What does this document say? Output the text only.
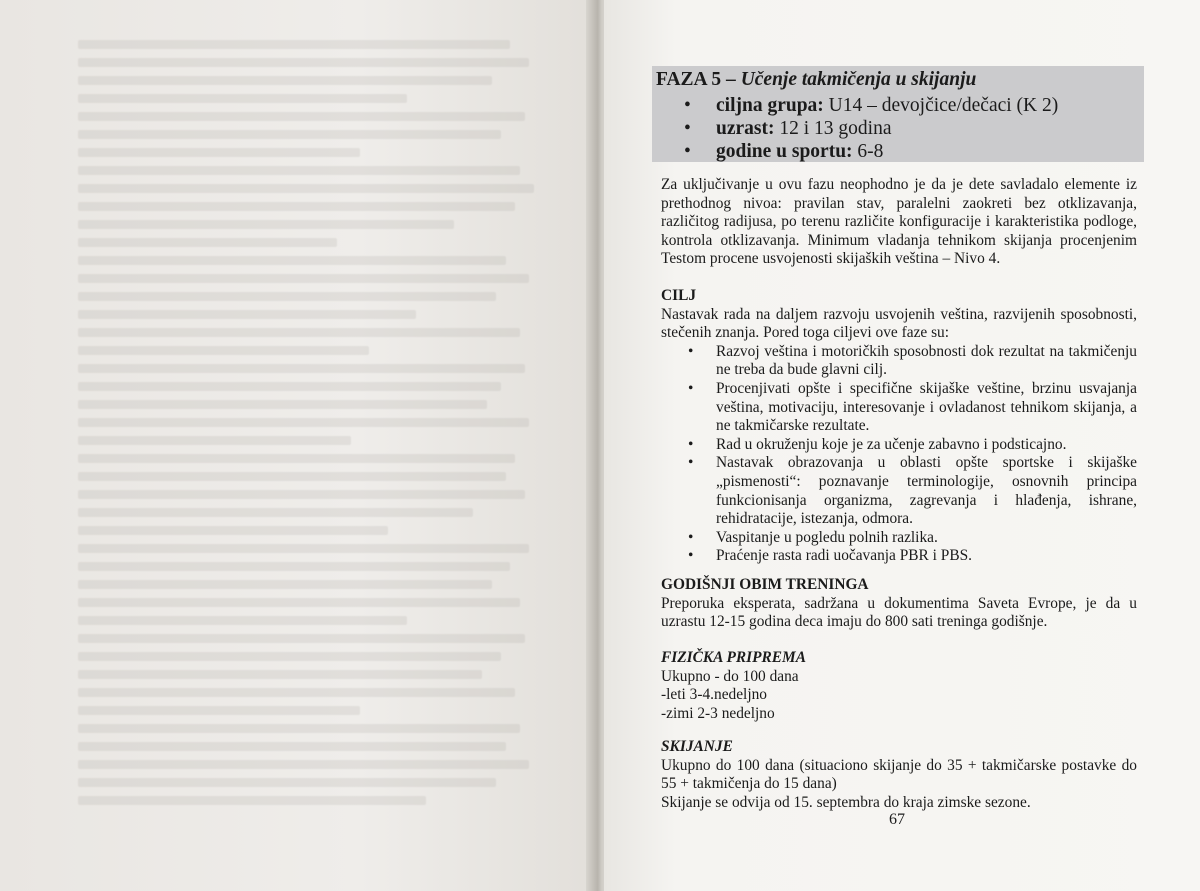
FAZA 5 – Učenje takmičenja u skijanju
• ciljna grupa: U14 – devojčice/dečaci (K 2)
• uzrast: 12 i 13 godina
• godine u sportu: 6-8

Za uključivanje u ovu fazu neophodno je da je dete savladalo elemente iz prethodnog nivoa: pravilan stav, paralelni zaokreti bez otklizavanja, različitog radijusa, po terenu različite konfiguracije i karakteristika podloge, kontrola otklizavanja. Minimum vladanja tehnikom skijanja procenjenim Testom procene usvojenosti skijaških veština – Nivo 4.

CILJ

Nastavak rada na daljem razvoju usvojenih veština, razvijenih sposobnosti, stečenih znanja. Pored toga ciljevi ove faze su:

• Razvoj veština i motoričkih sposobnosti dok rezultat na takmičenju ne treba da bude glavni cilj.
• Procenjivati opšte i specifične skijaške veštine, brzinu usvajanja veština, motivaciju, interesovanje i ovladanost tehnikom skijanja, a ne takmičarske rezultate.
• Rad u okruženju koje je za učenje zabavno i podsticajno.
• Nastavak obrazovanja u oblasti opšte sportske i skijaške „pismenosti“: poznavanje terminologije, osnovnih principa funkcionisanja organizma, zagrevanja i hlađenja, ishrane, rehidratacije, istezanja, odmora.
• Vaspitanje u pogledu polnih razlika.
• Praćenje rasta radi uočavanja PBR i PBS.

GODIŠNJI OBIM TRENINGA

Preporuka eksperata, sadržana u dokumentima Saveta Evrope, je da u uzrastu 12-15 godina deca imaju do 800 sati treninga godišnje.

FIZIČKA PRIPREMA

Ukupno - do 100 dana

-leti 3-4.nedeljno

-zimi 2-3 nedeljno

SKIJANJE

Ukupno do 100 dana (situaciono skijanje do 35 + takmičarske postavke do 55 + takmičenja do 15 dana)

Skijanje se odvija od 15. septembra do kraja zimske sezone.

67
